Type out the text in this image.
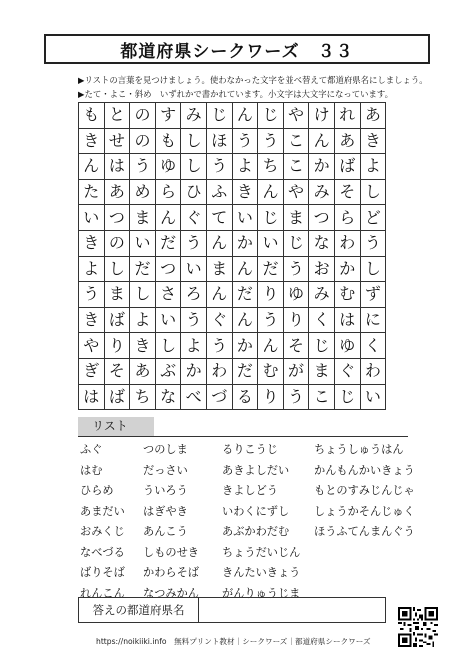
都道府県シークワーズ　３３
▶リストの言葉を見つけましょう。使わなかった文字を並べ替えて都道府県名にしましょう。
▶たて・よこ・斜め　いずれかで書かれています。小文字は大文字になっています。
も	と	の	す	み	じ	ん	じ	や	け	れ	あ
き	せ	の	も	し	ほ	う	う	こ	ん	あ	き
ん	は	う	ゆ	し	う	よ	ち	こ	か	ば	よ
た	あ	め	ら	ひ	ふ	き	ん	や	み	そ	し
い	つ	ま	ん	ぐ	て	い	じ	ま	つ	ら	ど
き	の	い	だ	う	ん	か	い	じ	な	わ	う
よ	し	だ	つ	い	ま	ん	だ	う	お	か	し
う	ま	し	さ	ろ	ん	だ	り	ゆ	み	む	ず
き	ば	よ	い	う	ぐ	ん	う	り	く	は	に
や	り	き	し	よ	う	か	ん	そ	じ	ゆ	く
ぎ	そ	あ	ぶ	か	わ	だ	む	が	ま	ぐ	わ
は	ば	ち	な	べ	づ	る	り	う	こ	じ	い
リスト
ふぐ
はむ
ひらめ
あまだい
おみくじ
なべづる
ばりそば
れんこん
つのしま
だっさい
ういろう
はぎやき
あんこう
しものせき
かわらそば
なつみかん
るりこうじ
あきよしだい
きよしどう
いわくにずし
あぶかわだむ
ちょうだいじん
きんたいきょう
がんりゅうじま
ちょうしゅうはん
かんもんかいきょう
もとのすみじんじゃ
しょうかそんじゅく
ほうふてんまんぐう
答えの都道府県名
https://noikiiki.info　無料プリント教材｜シークワーズ｜都道府県シークワーズ
